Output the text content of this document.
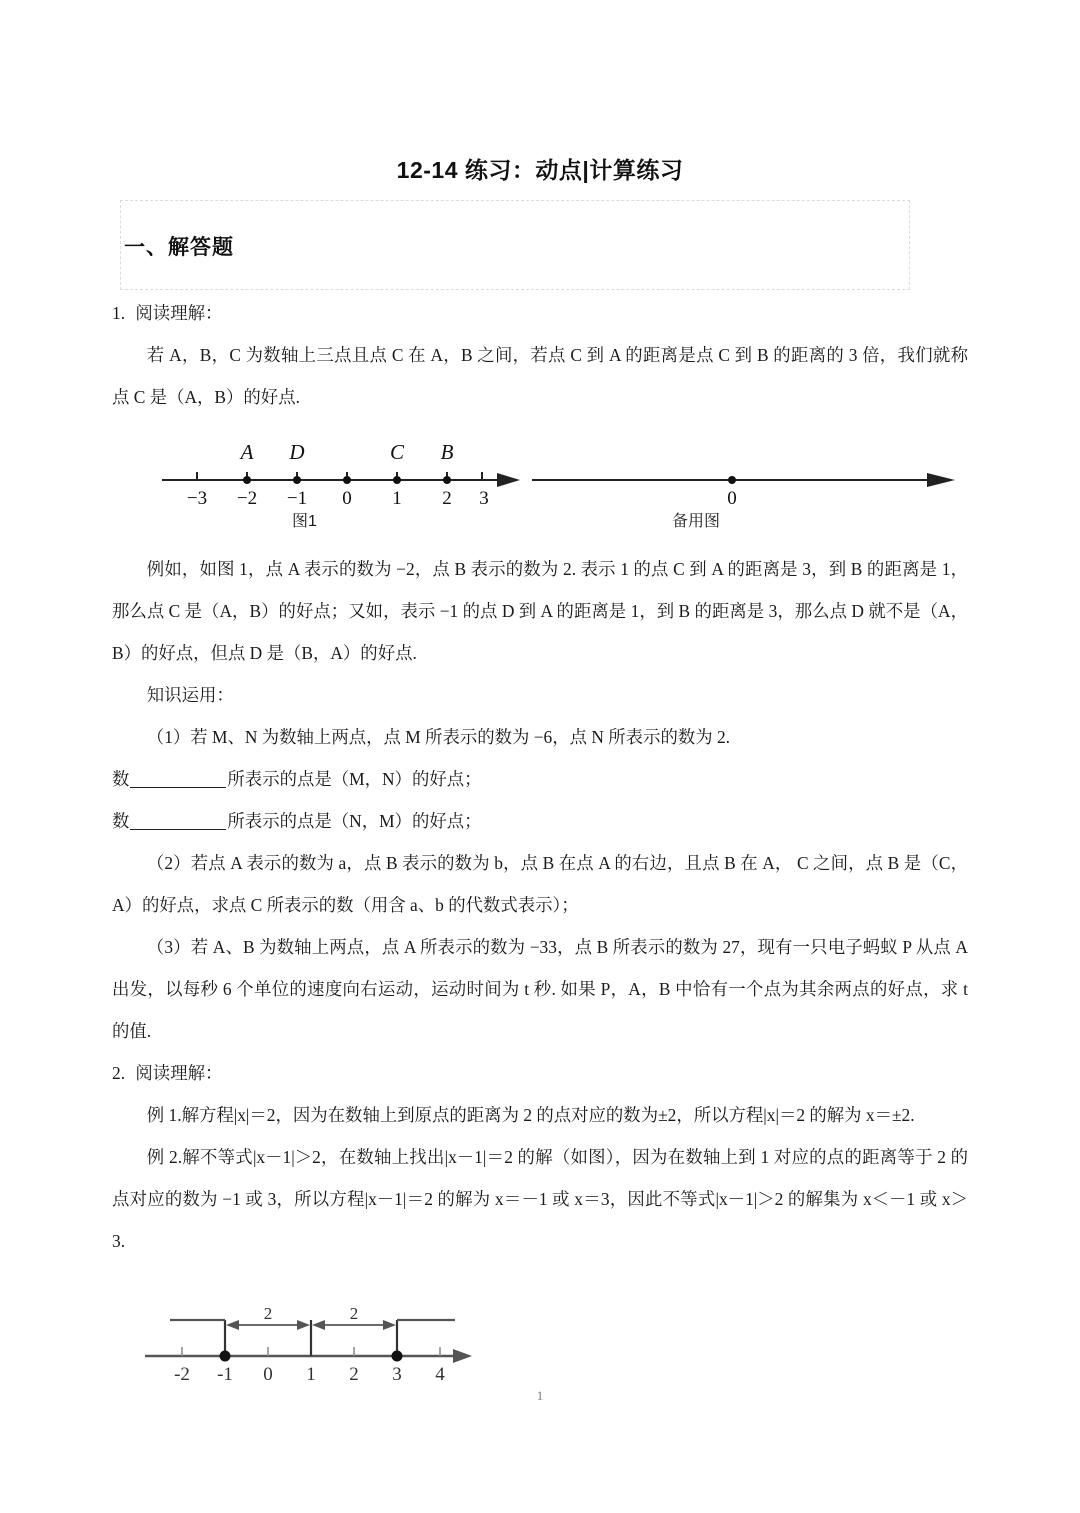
12-14 练习：动点|计算练习
一、解答题

1. 阅读理解：

若 A，B，C 为数轴上三点且点 C 在 A，B 之间，若点 C 到 A 的距离是点 C 到 B 的距离的 3 倍，我们就称点 C 是（A，B）的好点.

A D	C B
−3 −2 −1 0 1 2 3	0
图1	备用图

例如，如图 1，点 A 表示的数为 −2，点 B 表示的数为 2. 表示 1 的点 C 到 A 的距离是 3，到 B 的距离是 1，那么点 C 是（A，B）的好点；又如，表示 −1 的点 D 到 A 的距离是 1，到 B 的距离是 3，那么点 D 就不是（A，B）的好点，但点 D 是（B，A）的好点.

知识运用：

（1）若 M、N 为数轴上两点，点 M 所表示的数为 −6，点 N 所表示的数为 2.

数	所表示的点是（M，N）的好点；

数	所表示的点是（N，M）的好点；

（2）若点 A 表示的数为 a，点 B 表示的数为 b，点 B 在点 A 的右边，且点 B 在 A， C 之间，点 B 是（C，A）的好点，求点 C 所表示的数（用含 a、b 的代数式表示）；

（3）若 A、B 为数轴上两点，点 A 所表示的数为 −33，点 B 所表示的数为 27，现有一只电子蚂蚁 P 从点 A 出发，以每秒 6 个单位的速度向右运动，运动时间为 t 秒. 如果 P，A，B 中恰有一个点为其余两点的好点，求 t 的值.

2. 阅读理解：

例 1.解方程|x|＝2，因为在数轴上到原点的距离为 2 的点对应的数为±2，所以方程|x|＝2 的解为 x＝±2.

例 2.解不等式|x－1|＞2，在数轴上找出|x－1|＝2 的解（如图），因为在数轴上到 1 对应的点的距离等于 2 的点对应的数为 −1 或 3，所以方程|x－1|＝2 的解为 x＝－1 或 x＝3，因此不等式|x－1|＞2 的解集为 x＜－1 或 x＞3.

2	2
-2 -1 0 1 2 3 4
1
